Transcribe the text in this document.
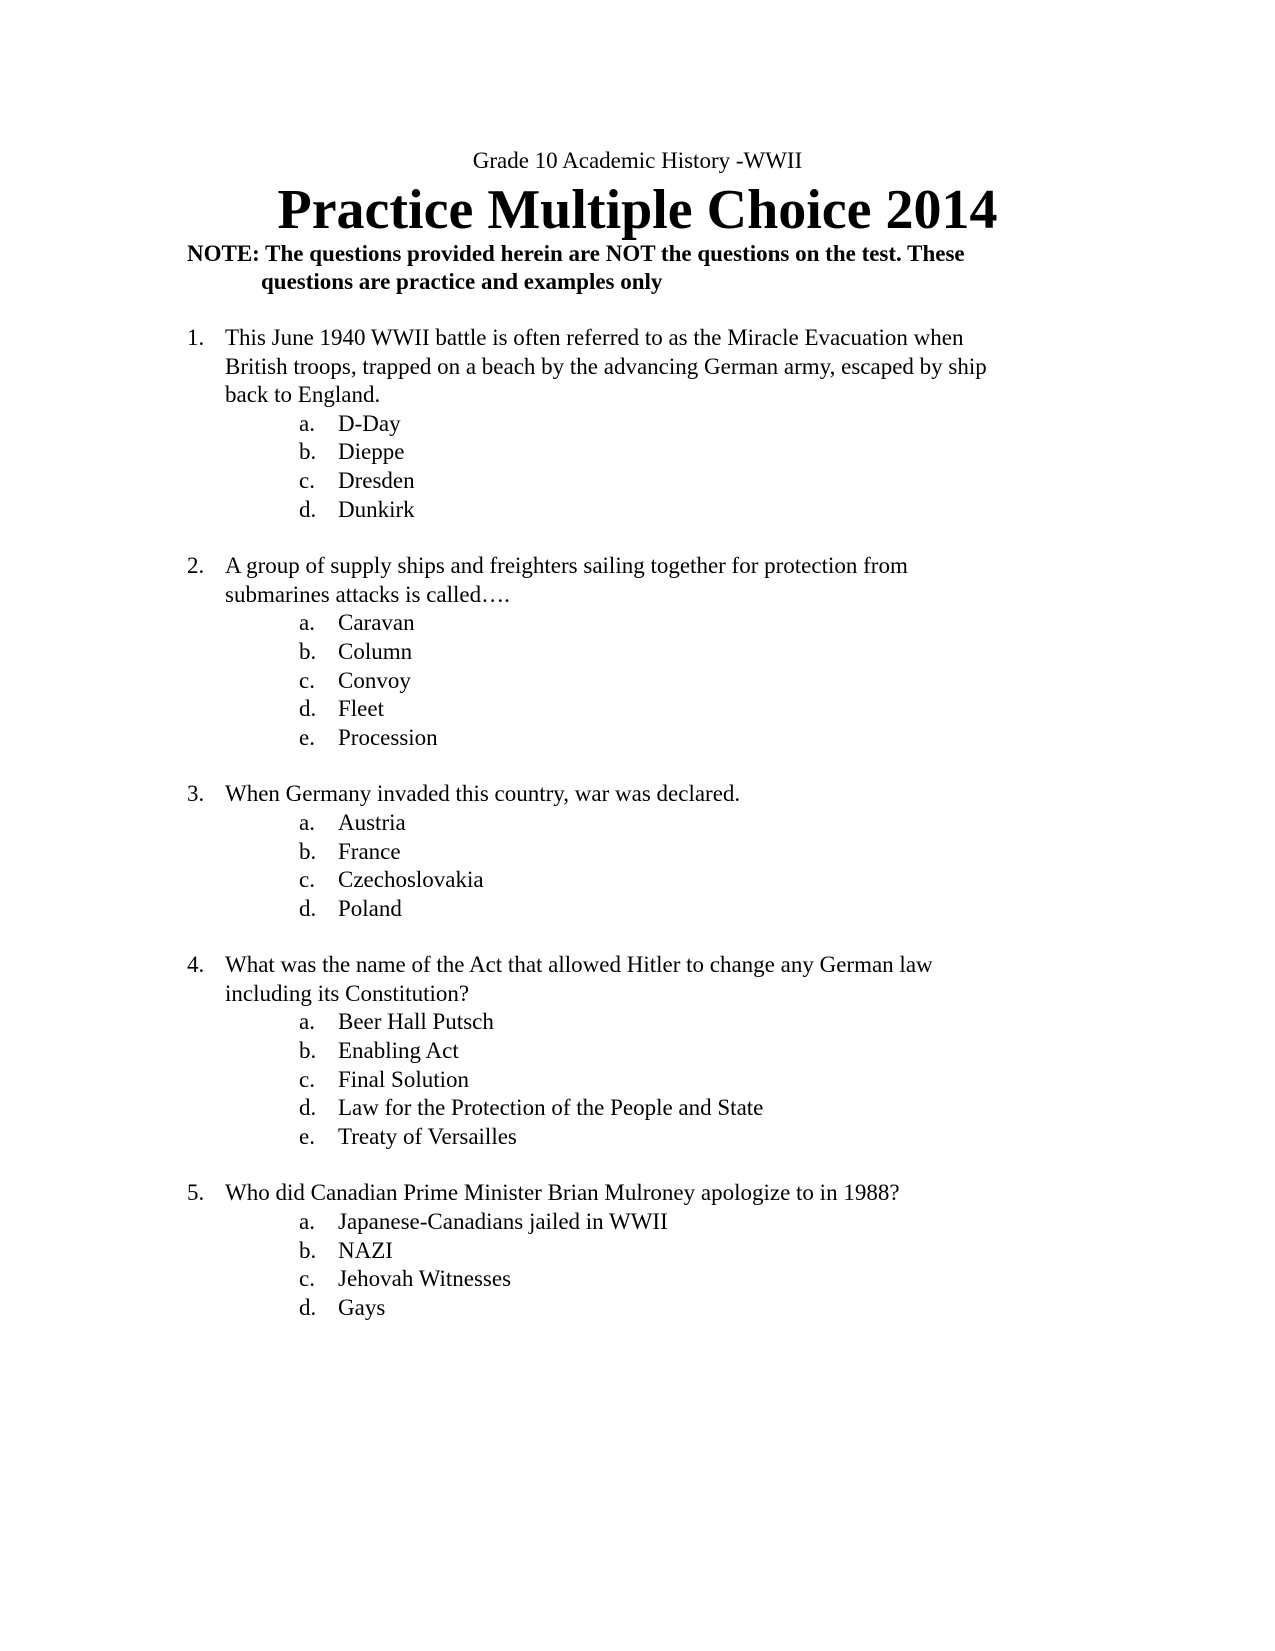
Grade 10 Academic History -WWII
Practice Multiple Choice 2014
NOTE: The questions provided herein are NOT the questions on the test. These
questions are practice and examples only
1. This June 1940 WWII battle is often referred to as the Miracle Evacuation when
British troops, trapped on a beach by the advancing German army, escaped by ship
back to England.
a. D-Day
b. Dieppe
c. Dresden
d. Dunkirk
2. A group of supply ships and freighters sailing together for protection from
submarines attacks is called….
a. Caravan
b. Column
c. Convoy
d. Fleet
e. Procession
3. When Germany invaded this country, war was declared.
a. Austria
b. France
c. Czechoslovakia
d. Poland
4. What was the name of the Act that allowed Hitler to change any German law
including its Constitution?
a. Beer Hall Putsch
b. Enabling Act
c. Final Solution
d. Law for the Protection of the People and State
e. Treaty of Versailles
5. Who did Canadian Prime Minister Brian Mulroney apologize to in 1988?
a. Japanese-Canadians jailed in WWII
b. NAZI
c. Jehovah Witnesses
d. Gays
